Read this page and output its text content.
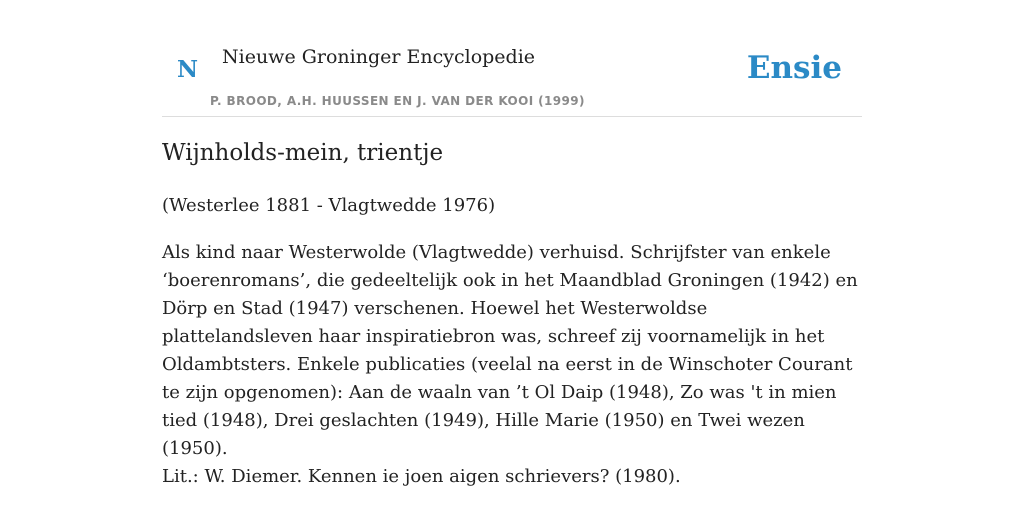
N Nieuwe Groninger Encyclopedie
P. BROOD, A.H. HUUSSEN EN J. VAN DER KOOI (1999)
Ensie
Wijnholds-mein, trientje

(Westerlee 1881 - Vlagtwedde 1976)

Als kind naar Westerwolde (Vlagtwedde) verhuisd. Schrijfster van enkele ‘boerenromans’, die gedeeltelijk ook in het Maandblad Groningen (1942) en Dörp en Stad (1947) verschenen. Hoewel het Westerwoldse plattelandsleven haar inspiratiebron was, schreef zij voornamelijk in het Oldambtsters. Enkele publicaties (veelal na eerst in de Winschoter Courant te zijn opgenomen): Aan de waaln van ’t Ol Daip (1948), Zo was 't in mien tied (1948), Drei geslachten (1949), Hille Marie (1950) en Twei wezen (1950).

Lit.: W. Diemer. Kennen ie joen aigen schrievers? (1980).
